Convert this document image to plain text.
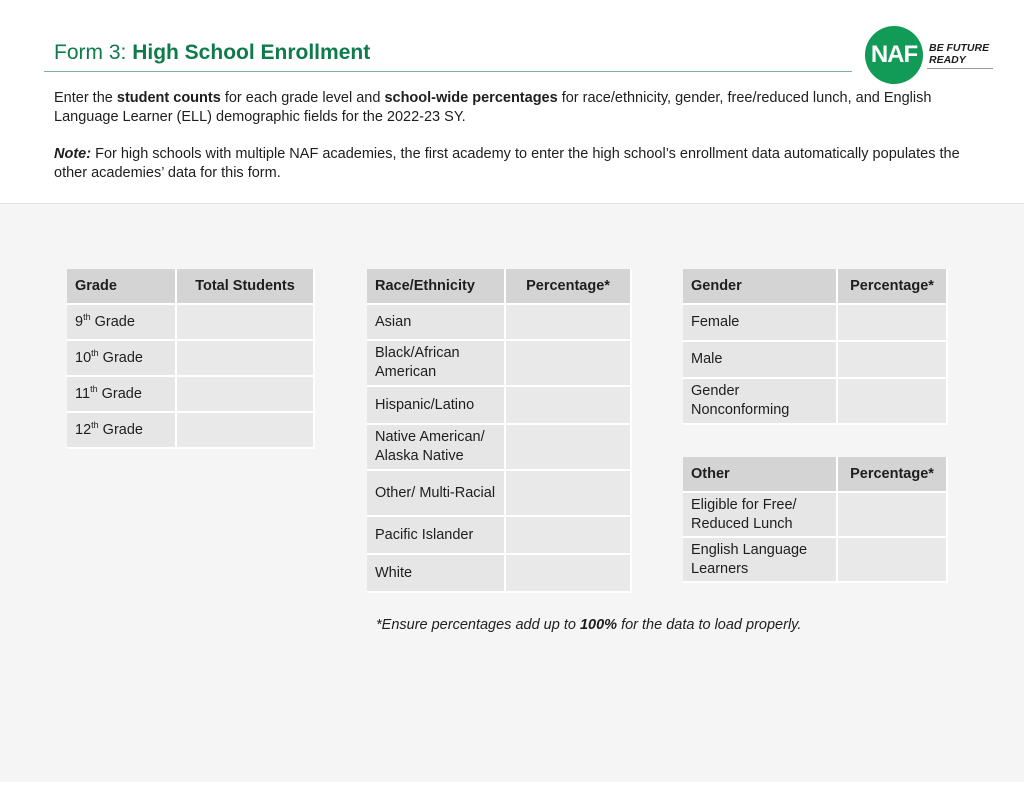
Form 3: High School Enrollment	NAF	BE FUTURE
READY
Enter the student counts for each grade level and school-wide percentages for race/ethnicity, gender, free/reduced lunch, and English Language Learner (ELL) demographic fields for the 2022-23 SY.
Note: For high schools with multiple NAF academies, the first academy to enter the high school’s enrollment data automatically populates the other academies’ data for this form.
Grade	Total Students
9th Grade	
10th Grade	
11th Grade	
12th Grade	
Race/Ethnicity	Percentage*
Asian	
Black/African American	
Hispanic/Latino	
Native American/ Alaska Native	
Other/ Multi-Racial	
Pacific Islander	
White	
Gender	Percentage*
Female	
Male	
Gender Nonconforming	
Other	Percentage*
Eligible for Free/ Reduced Lunch	
English Language Learners	
*Ensure percentages add up to 100% for the data to load properly.
